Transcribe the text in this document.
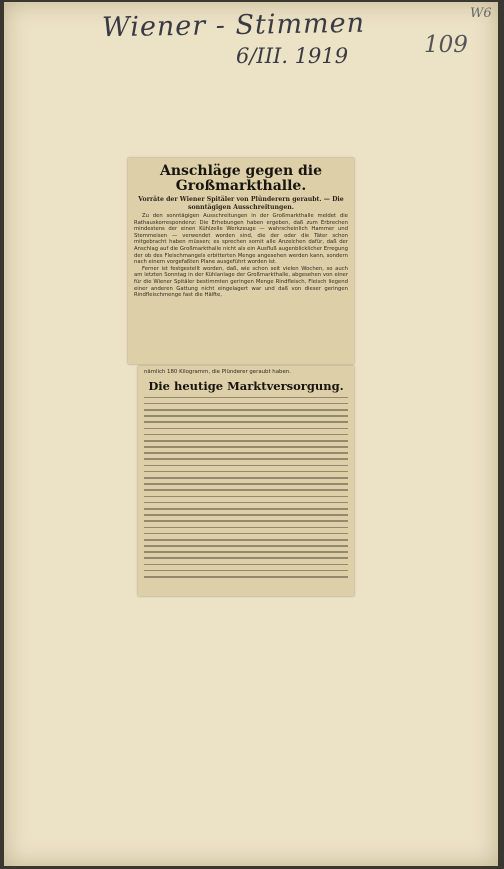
Wiener - Stimmen
6/III. 1919	109
W6
Anschläge gegen die Großmarkthalle.
Vorräte der Wiener Spitäler von Plünderern geraubt. — Die sonntägigen Ausschreitungen.

Zu den sonntägigen Ausschreitungen in der Großmarkthalle meldet die Rathauskorrespondenz: Die Erhebungen haben ergeben, daß zum Erbrechen mindestens der einen Kühlzelle Werkzeuge — wahrscheinlich Hammer und Stemmeisen — verwendet worden sind, die der oder die Täter schon mitgebracht haben müssen; es sprechen somit alle Anzeichen dafür, daß der Anschlag auf die Großmarkthalle nicht als ein Ausfluß augenblicklicher Erregung der ob des Fleischmangels erbitterten Menge angesehen werden kann, sondern nach einem vorgefaßten Plane ausgeführt worden ist.

Ferner ist festgestellt worden, daß, wie schon seit vielen Wochen, so auch am letzten Sonntag in der Kühlanlage der Großmarkthalle, abgesehen von einer für die Wiener Spitäler bestimmten geringen Menge Rindfleisch, Fleisch liegend einer anderen Gattung nicht eingelagert war und daß von dieser geringen Rindfleischmenge fast die Hälfte,

nämlich 180 Kilogramm, die Plünderer geraubt haben.
Die heutige Marktversorgung.
